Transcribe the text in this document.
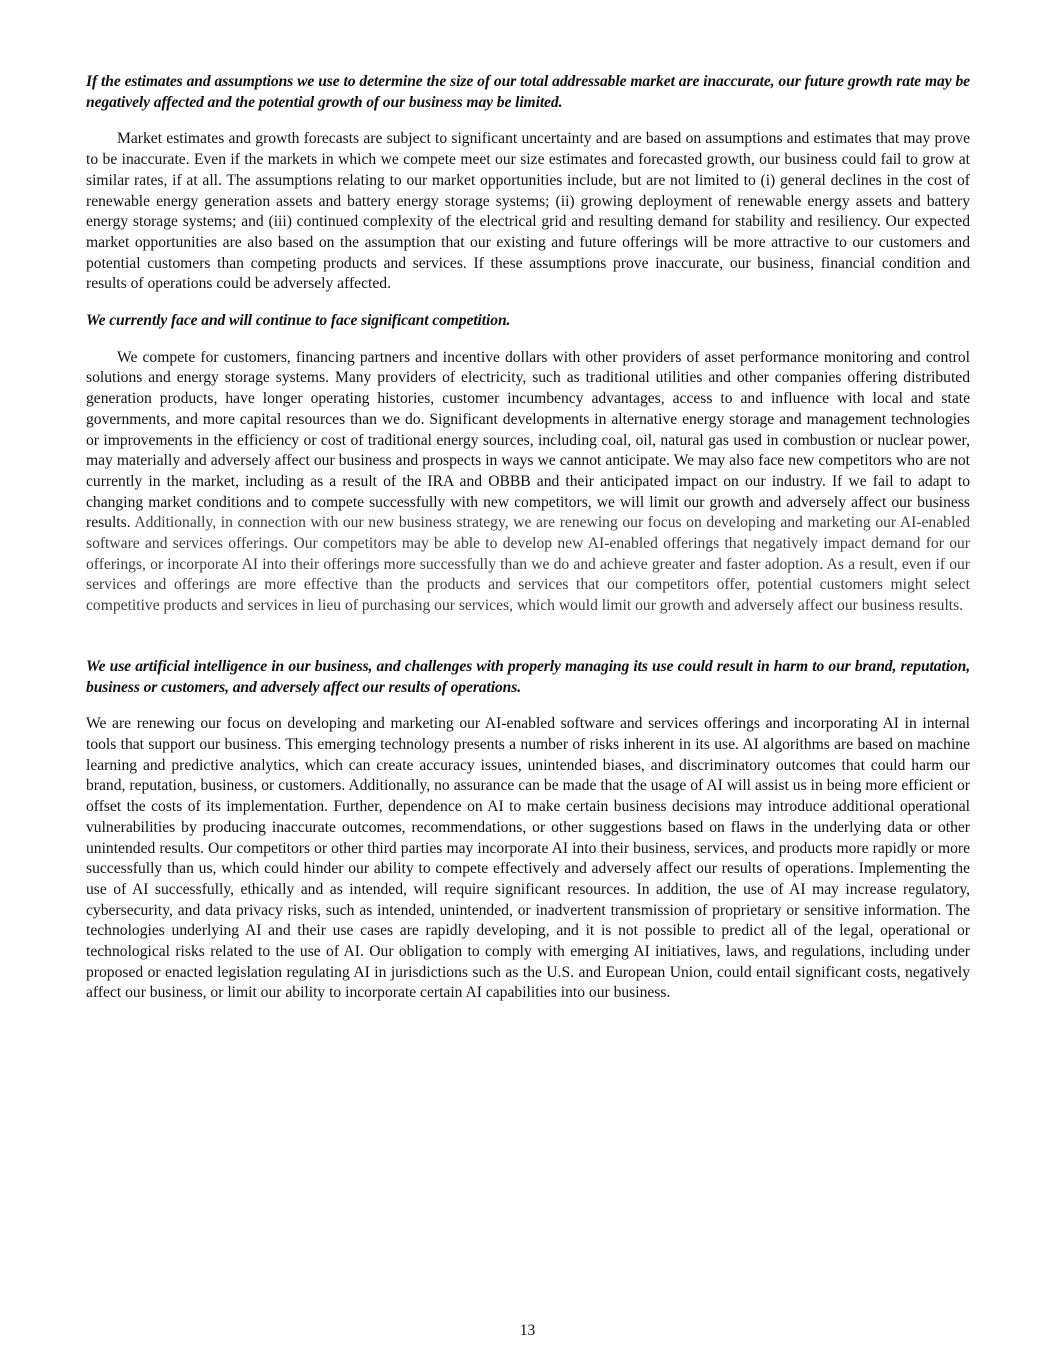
If the estimates and assumptions we use to determine the size of our total addressable market are inaccurate, our future growth rate may be negatively affected and the potential growth of our business may be limited.

Market estimates and growth forecasts are subject to significant uncertainty and are based on assumptions and estimates that may prove to be inaccurate. Even if the markets in which we compete meet our size estimates and forecasted growth, our business could fail to grow at similar rates, if at all. The assumptions relating to our market opportunities include, but are not limited to (i) general declines in the cost of renewable energy generation assets and battery energy storage systems; (ii) growing deployment of renewable energy assets and battery energy storage systems; and (iii) continued complexity of the electrical grid and resulting demand for stability and resiliency. Our expected market opportunities are also based on the assumption that our existing and future offerings will be more attractive to our customers and potential customers than competing products and services. If these assumptions prove inaccurate, our business, financial condition and results of operations could be adversely affected.

We currently face and will continue to face significant competition.

We compete for customers, financing partners and incentive dollars with other providers of asset performance monitoring and control solutions and energy storage systems. Many providers of electricity, such as traditional utilities and other companies offering distributed generation products, have longer operating histories, customer incumbency advantages, access to and influence with local and state governments, and more capital resources than we do. Significant developments in alternative energy storage and management technologies or improvements in the efficiency or cost of traditional energy sources, including coal, oil, natural gas used in combustion or nuclear power, may materially and adversely affect our business and prospects in ways we cannot anticipate. We may also face new competitors who are not currently in the market, including as a result of the IRA and OBBB and their anticipated impact on our industry. If we fail to adapt to changing market conditions and to compete successfully with new competitors, we will limit our growth and adversely affect our business results. Additionally, in connection with our new business strategy, we are renewing our focus on developing and marketing our AI-enabled software and services offerings. Our competitors may be able to develop new AI-enabled offerings that negatively impact demand for our offerings, or incorporate AI into their offerings more successfully than we do and achieve greater and faster adoption. As a result, even if our services and offerings are more effective than the products and services that our competitors offer, potential customers might select competitive products and services in lieu of purchasing our services, which would limit our growth and adversely affect our business results.

We use artificial intelligence in our business, and challenges with properly managing its use could result in harm to our brand, reputation, business or customers, and adversely affect our results of operations.

We are renewing our focus on developing and marketing our AI-enabled software and services offerings and incorporating AI in internal tools that support our business. This emerging technology presents a number of risks inherent in its use. AI algorithms are based on machine learning and predictive analytics, which can create accuracy issues, unintended biases, and discriminatory outcomes that could harm our brand, reputation, business, or customers. Additionally, no assurance can be made that the usage of AI will assist us in being more efficient or offset the costs of its implementation. Further, dependence on AI to make certain business decisions may introduce additional operational vulnerabilities by producing inaccurate outcomes, recommendations, or other suggestions based on flaws in the underlying data or other unintended results. Our competitors or other third parties may incorporate AI into their business, services, and products more rapidly or more successfully than us, which could hinder our ability to compete effectively and adversely affect our results of operations. Implementing the use of AI successfully, ethically and as intended, will require significant resources. In addition, the use of AI may increase regulatory, cybersecurity, and data privacy risks, such as intended, unintended, or inadvertent transmission of proprietary or sensitive information. The technologies underlying AI and their use cases are rapidly developing, and it is not possible to predict all of the legal, operational or technological risks related to the use of AI. Our obligation to comply with emerging AI initiatives, laws, and regulations, including under proposed or enacted legislation regulating AI in jurisdictions such as the U.S. and European Union, could entail significant costs, negatively affect our business, or limit our ability to incorporate certain AI capabilities into our business.

13
